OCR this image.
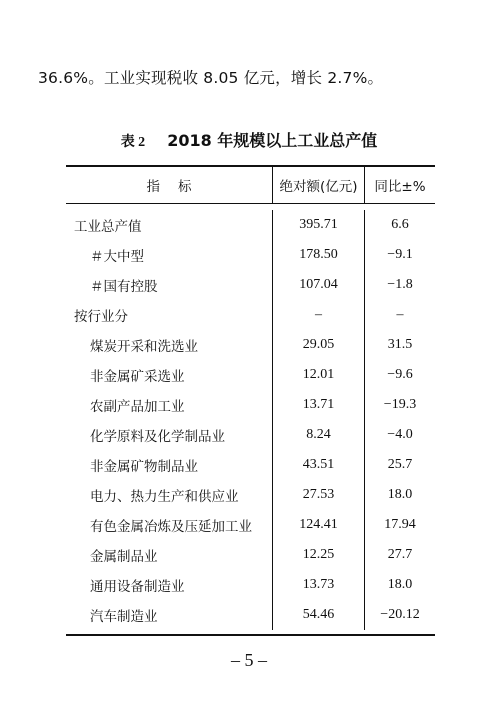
36.6%。工业实现税收 8.05 亿元，增长 2.7%。
表 2 2018 年规模以上工业总产值
指标	绝对额(亿元)	同比±%
工业总产值	395.71	6.6
＃大中型	178.50	−9.1
＃国有控股	107.04	−1.8
按行业分	–	–
煤炭开采和洗选业	29.05	31.5
非金属矿采选业	12.01	−9.6
农副产品加工业	13.71	−19.3
化学原料及化学制品业	8.24	−4.0
非金属矿物制品业	43.51	25.7
电力、热力生产和供应业	27.53	18.0
有色金属冶炼及压延加工业	124.41	17.94
金属制品业	12.25	27.7
通用设备制造业	13.73	18.0
汽车制造业	54.46	−20.12
– 5 –
